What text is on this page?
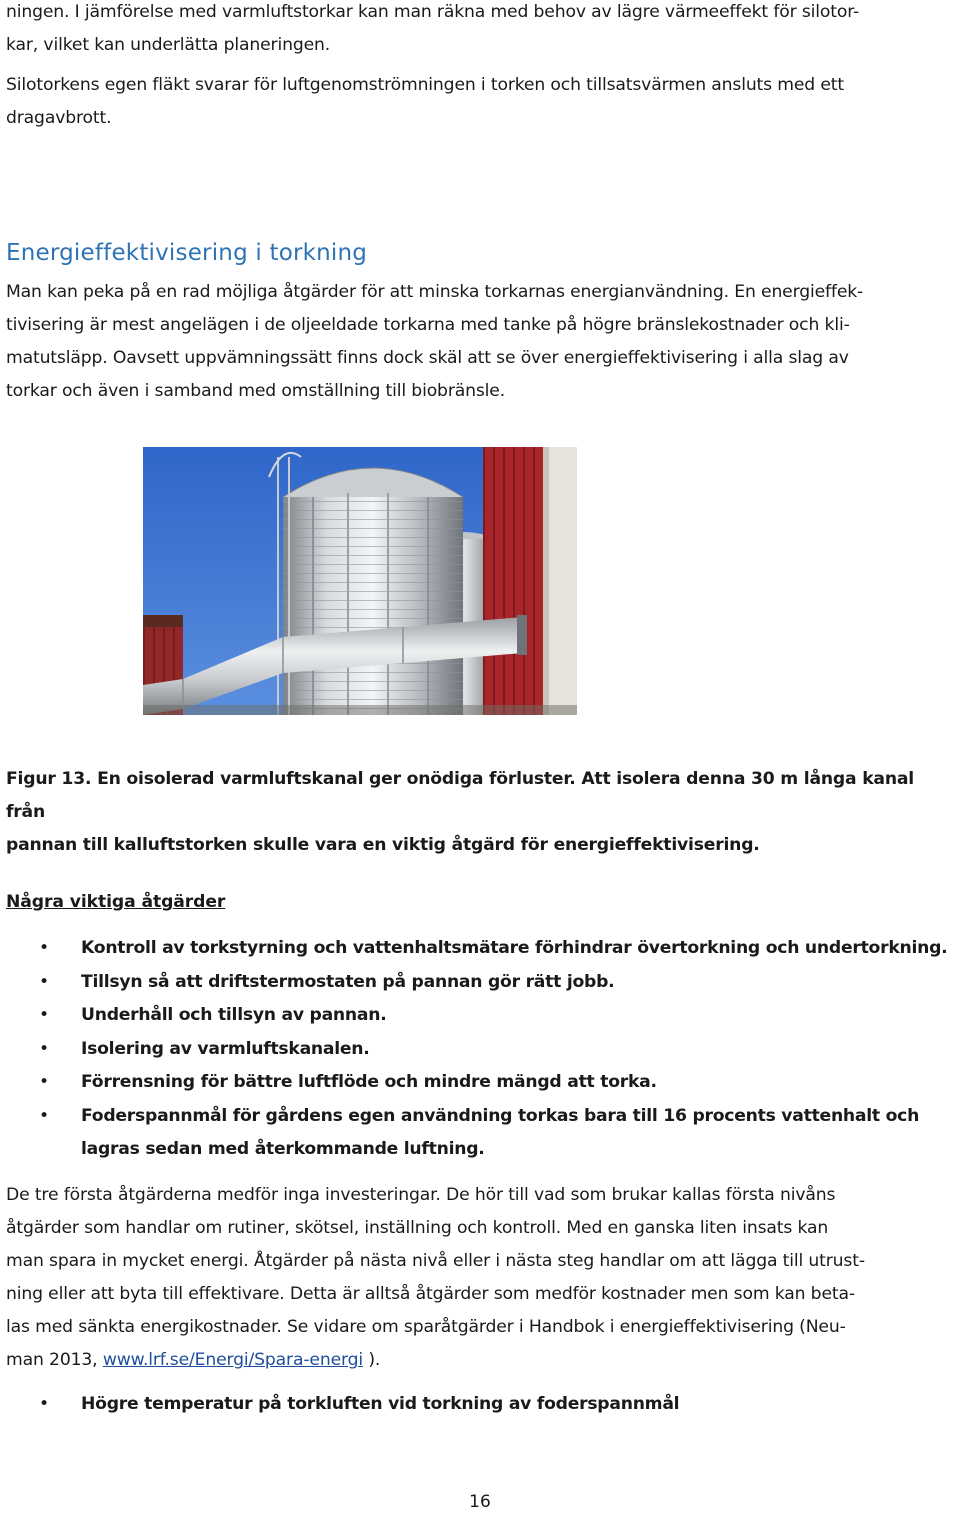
ningen. I jämförelse med varmluftstorkar kan man räkna med behov av lägre värmeeffekt för silotor-
kar, vilket kan underlätta planeringen.

Silotorkens egen fläkt svarar för luftgenomströmningen i torken och tillsatsvärmen ansluts med ett
dragavbrott.

Energieffektivisering i torkning

Man kan peka på en rad möjliga åtgärder för att minska torkarnas energianvändning. En energieffek-
tivisering är mest angelägen i de oljeeldade torkarna med tanke på högre bränslekostnader och kli-
matutsläpp. Oavsett uppvämningssätt finns dock skäl att se över energieffektivisering i alla slag av
torkar och även i samband med omställning till biobränsle.

Figur 13. En oisolerad varmluftskanal ger onödiga förluster. Att isolera denna 30 m långa kanal från
pannan till kalluftstorken skulle vara en viktig åtgärd för energieffektivisering.

Några viktiga åtgärder

• Kontroll av torkstyrning och vattenhaltsmätare förhindrar övertorkning och undertorkning.
• Tillsyn så att driftstermostaten på pannan gör rätt jobb.
• Underhåll och tillsyn av pannan.
• Isolering av varmluftskanalen.
• Förrensning för bättre luftflöde och mindre mängd att torka.
• Foderspannmål för gårdens egen användning torkas bara till 16 procents vattenhalt och
lagras sedan med återkommande luftning.

De tre första åtgärderna medför inga investeringar. De hör till vad som brukar kallas första nivåns
åtgärder som handlar om rutiner, skötsel, inställning och kontroll. Med en ganska liten insats kan
man spara in mycket energi. Åtgärder på nästa nivå eller i nästa steg handlar om att lägga till utrust-
ning eller att byta till effektivare. Detta är alltså åtgärder som medför kostnader men som kan beta-
las med sänkta energikostnader. Se vidare om sparåtgärder i Handbok i energieffektivisering (Neu-
man 2013, www.lrf.se/Energi/Spara-energi ).

• Högre temperatur på torkluften vid torkning av foderspannmål
16
